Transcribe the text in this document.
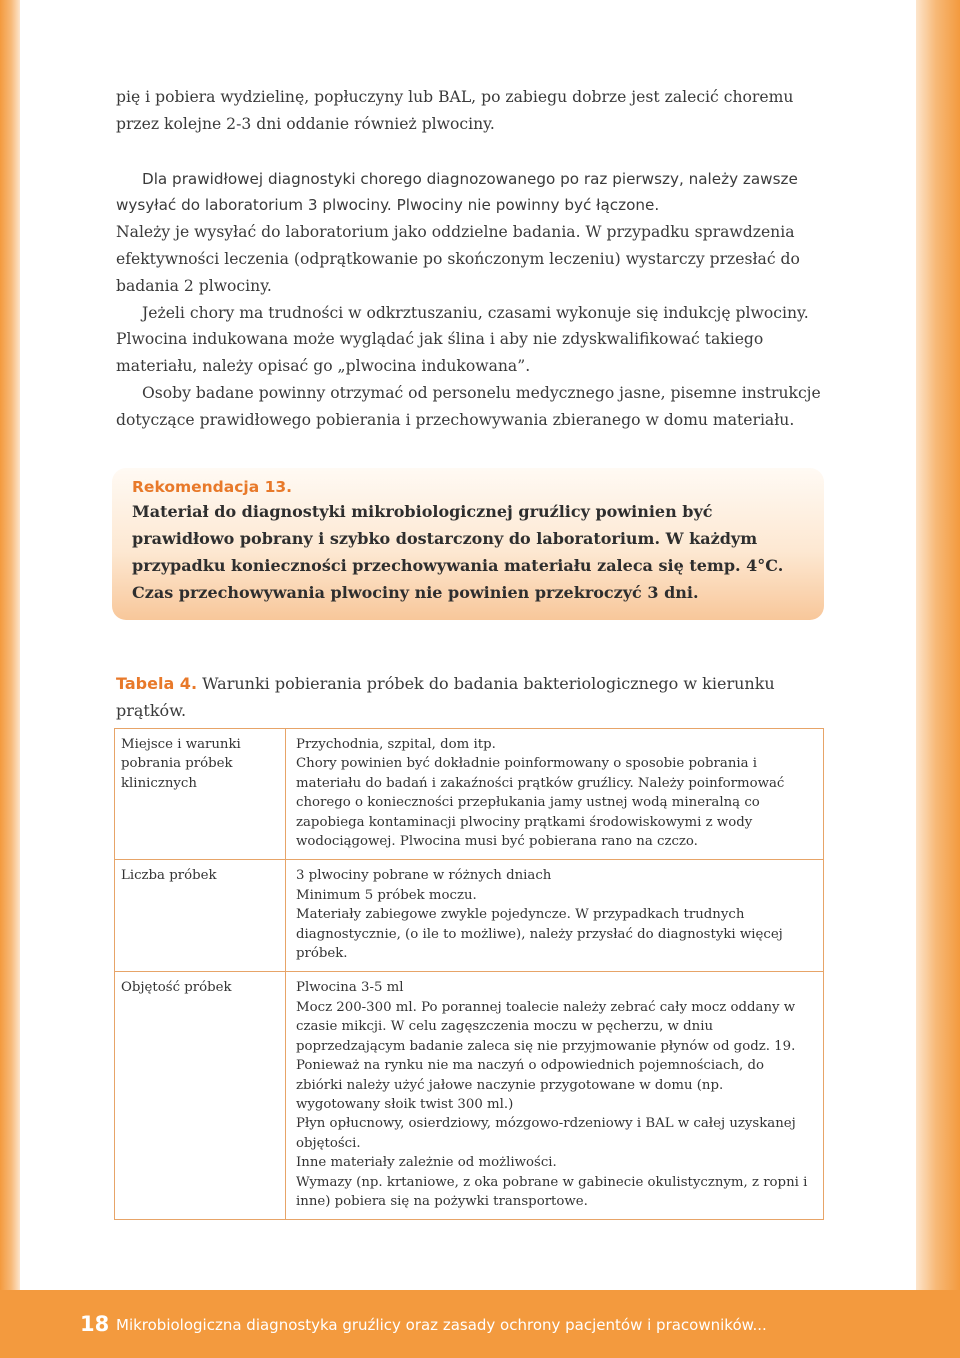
pię i pobiera wydzielinę, popłuczyny lub BAL, po zabiegu dobrze jest zalecić choremu przez kolejne 2-3 dni oddanie również plwociny.

Dla prawidłowej diagnostyki chorego diagnozowanego po raz pierwszy, należy zawsze wysyłać do laboratorium 3 plwociny. Plwociny nie powinny być łączone.

Należy je wysyłać do laboratorium jako oddzielne badania. W przypadku sprawdzenia efektywności leczenia (odprątkowanie po skończonym leczeniu) wystarczy przesłać do badania 2 plwociny.

Jeżeli chory ma trudności w odkrztuszaniu, czasami wykonuje się indukcję plwociny. Plwocina indukowana może wyglądać jak ślina i aby nie zdyskwalifikować takiego materiału, należy opisać go „plwocina indukowana”.

Osoby badane powinny otrzymać od personelu medycznego jasne, pisemne instrukcje dotyczące prawidłowego pobierania i przechowywania zbieranego w domu materiału.

Rekomendacja 13.

Materiał do diagnostyki mikrobiologicznej gruźlicy powinien być prawidłowo pobrany i szybko dostarczony do laboratorium. W każdym przypadku konieczności przechowywania materiału zaleca się temp. 4°C. Czas przechowywania plwociny nie powinien przekroczyć 3 dni.

Tabela 4. Warunki pobierania próbek do badania bakteriologicznego w kierunku prątków.

Miejsce i warunki pobrania próbek klinicznych	Przychodnia, szpital, dom itp.
Chory powinien być dokładnie poinformowany o sposobie pobrania i materiału do badań i zakaźności prątków gruźlicy. Należy poinformować chorego o konieczności przepłukania jamy ustnej wodą mineralną co zapobiega kontaminacji plwociny prątkami środowiskowymi z wody wodociągowej. Plwocina musi być pobierana rano na czczo.

Liczba próbek	3 plwociny pobrane w różnych dniach
Minimum 5 próbek moczu.
Materiały zabiegowe zwykle pojedyncze. W przypadkach trudnych diagnostycznie, (o ile to możliwe), należy przysłać do diagnostyki więcej próbek.

Objętość próbek	Plwocina 3-5 ml
Mocz 200-300 ml. Po porannej toalecie należy zebrać cały mocz oddany w czasie mikcji. W celu zagęszczenia moczu w pęcherzu, w dniu poprzedzającym badanie zaleca się nie przyjmowanie płynów od godz. 19. Ponieważ na rynku nie ma naczyń o odpowiednich pojemnościach, do zbiórki należy użyć jałowe naczynie przygotowane w domu (np. wygotowany słoik twist 300 ml.)
Płyn opłucnowy, osierdziowy, mózgowo-rdzeniowy i BAL w całej uzyskanej objętości.
Inne materiały zależnie od możliwości.
Wymazy (np. krtaniowe, z oka pobrane w gabinecie okulistycznym, z ropni i inne) pobiera się na pożywki transportowe.
18 Mikrobiologiczna diagnostyka gruźlicy oraz zasady ochrony pacjentów i pracowników...
